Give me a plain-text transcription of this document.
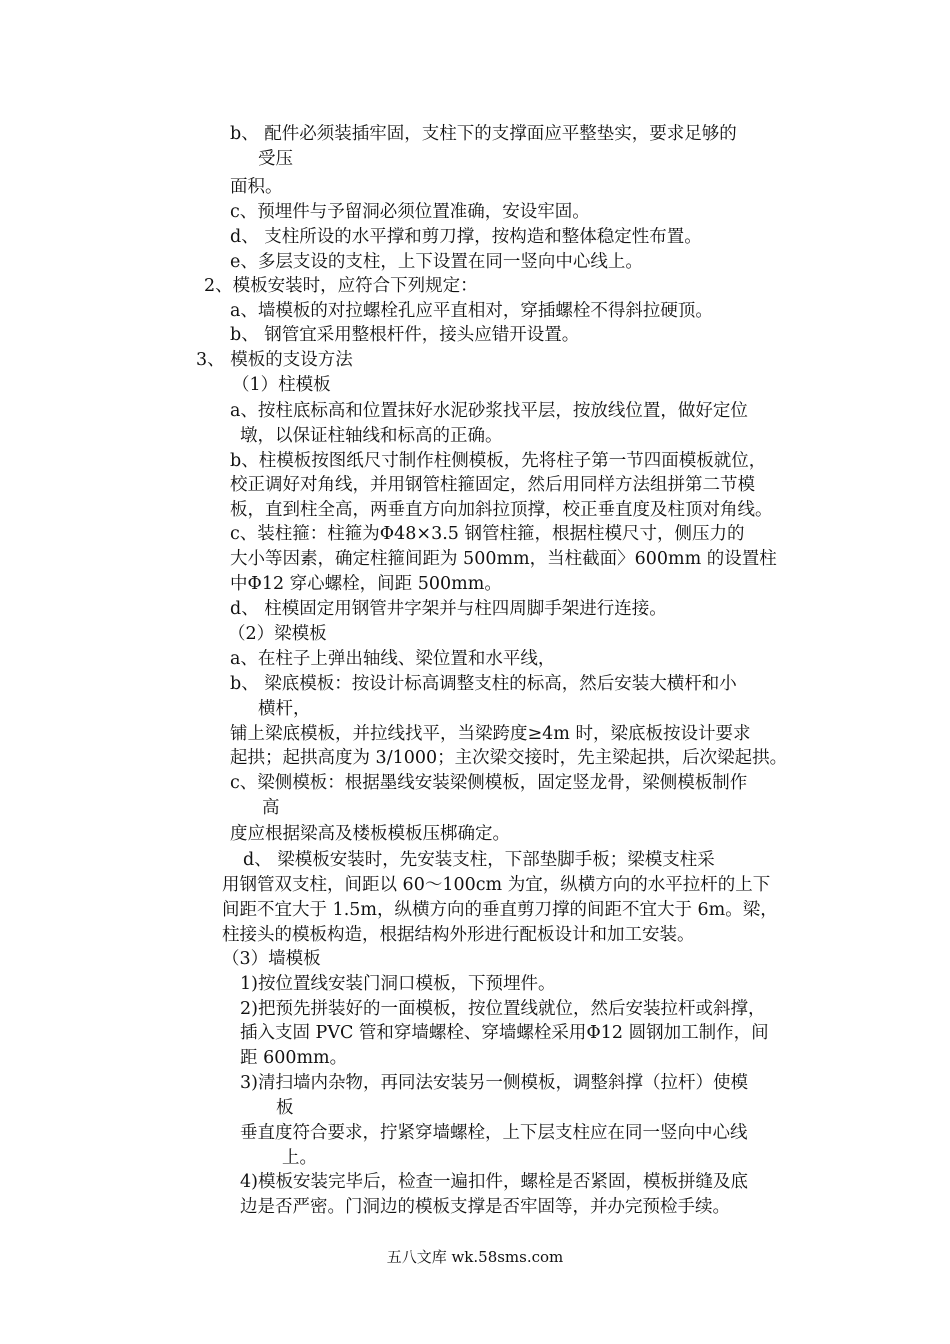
b、 配件必须装插牢固，支柱下的支撑面应平整垫实，要求足够的
受压
面积。
c、预埋件与予留洞必须位置准确，安设牢固。
d、 支柱所设的水平撑和剪刀撑，按构造和整体稳定性布置。
e、多层支设的支柱，上下设置在同一竖向中心线上。
2、模板安装时，应符合下列规定：
a、墙模板的对拉螺栓孔应平直相对，穿插螺栓不得斜拉硬顶。
b、 钢管宜采用整根杆件，接头应错开设置。
3、 模板的支设方法
（1）柱模板
a、按柱底标高和位置抹好水泥砂浆找平层，按放线位置，做好定位
墩，以保证柱轴线和标高的正确。
b、柱模板按图纸尺寸制作柱侧模板，先将柱子第一节四面模板就位，
校正调好对角线，并用钢管柱箍固定，然后用同样方法组拼第二节模
板，直到柱全高，两垂直方向加斜拉顶撑，校正垂直度及柱顶对角线。
c、装柱箍：柱箍为Φ48×3.5 钢管柱箍，根据柱模尺寸，侧压力的
大小等因素，确定柱箍间距为 500mm，当柱截面〉600mm 的设置柱
中Φ12 穿心螺栓，间距 500mm。
d、 柱模固定用钢管井字架并与柱四周脚手架进行连接。
（2）梁模板
a、在柱子上弹出轴线、梁位置和水平线，
b、 梁底模板：按设计标高调整支柱的标高，然后安装大横杆和小
横杆，
铺上梁底模板，并拉线找平，当梁跨度≥4m 时，梁底板按设计要求
起拱；起拱高度为 3/1000；主次梁交接时，先主梁起拱，后次梁起拱。
c、梁侧模板：根据墨线安装梁侧模板，固定竖龙骨，梁侧模板制作
高
度应根据梁高及楼板模板压梆确定。
d、 梁模板安装时，先安装支柱，下部垫脚手板；梁模支柱采
用钢管双支柱，间距以 60～100cm 为宜，纵横方向的水平拉杆的上下
间距不宜大于 1.5m，纵横方向的垂直剪刀撑的间距不宜大于 6m。梁，
柱接头的模板构造，根据结构外形进行配板设计和加工安装。
（3）墙模板
1)按位置线安装门洞口模板，下预埋件。
2)把预先拼装好的一面模板，按位置线就位，然后安装拉杆或斜撑，
插入支固 PVC 管和穿墙螺栓、穿墙螺栓采用Φ12 圆钢加工制作，间
距 600mm。
3)清扫墙内杂物，再同法安装另一侧模板，调整斜撑（拉杆）使模
板
垂直度符合要求，拧紧穿墙螺栓，上下层支柱应在同一竖向中心线
上。
4)模板安装完毕后，检查一遍扣件，螺栓是否紧固，模板拼缝及底
边是否严密。门洞边的模板支撑是否牢固等，并办完预检手续。
五八文库 wk.58sms.com
